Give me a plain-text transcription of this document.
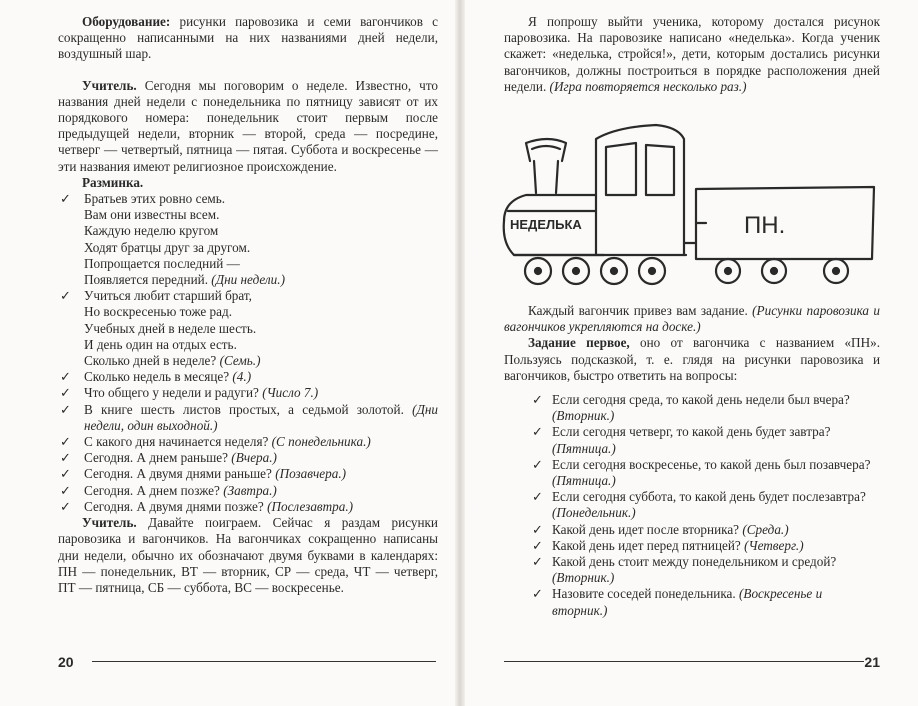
Оборудование: рисунки паровозика и семи вагончиков с сокращенно написанными на них названиями дней недели, воздушный шар.

Учитель. Сегодня мы поговорим о неделе. Известно, что названия дней недели с понедельника по пятницу зависят от их порядкового номера: понедельник стоит первым после предыдущей недели, вторник — второй, среда — посредине, четверг — четвертый, пятница — пятая. Суббота и воскресенье — эти названия имеют религиозное происхождение.

Разминка.

✓ Братьев этих ровно семь.
Вам они известны всем.
Каждую неделю кругом
Ходят братцы друг за другом.
Попрощается последний —
Появляется передний. (Дни недели.)
✓ Учиться любит старший брат,
Но воскресенью тоже рад.
Учебных дней в неделе шесть.
И день один на отдых есть.
Сколько дней в неделе? (Семь.)
✓ Сколько недель в месяце? (4.)
✓ Что общего у недели и радуги? (Число 7.)
✓ В книге шесть листов простых, а седьмой золотой. (Дни недели, один выходной.)
✓ С какого дня начинается неделя? (С понедельника.)
✓ Сегодня. А днем раньше? (Вчера.)
✓ Сегодня. А двумя днями раньше? (Позавчера.)
✓ Сегодня. А днем позже? (Завтра.)
✓ Сегодня. А двумя днями позже? (Послезавтра.)

Учитель. Давайте поиграем. Сейчас я раздам рисунки паровозика и вагончиков. На вагончиках сокращенно написаны дни недели, обычно их обозначают двумя буквами в календарях: ПН — понедельник, ВТ — вторник, СР — среда, ЧТ — четверг, ПТ — пятница, СБ — суббота, ВС — воскресенье.

Я попрошу выйти ученика, которому достался рисунок паровозика. На паровозике написано «неделька». Когда ученик скажет: «неделька, стройся!», дети, которым достались рисунки вагончиков, должны построиться в порядке расположения дней недели. (Игра повторяется несколько раз.)

НЕДЕЛЬКА	ПН.

Каждый вагончик привез вам задание. (Рисунки паровозика и вагончиков укрепляются на доске.)

Задание первое, оно от вагончика с названием «ПН». Пользуясь подсказкой, т. е. глядя на рисунки паровозика и вагончиков, быстро ответить на вопросы:

✓ Если сегодня среда, то какой день недели был вчера? (Вторник.)
✓ Если сегодня четверг, то какой день будет завтра? (Пятница.)
✓ Если сегодня воскресенье, то какой день был позавчера? (Пятница.)
✓ Если сегодня суббота, то какой день будет послезавтра? (Понедельник.)
✓ Какой день идет после вторника? (Среда.)
✓ Какой день идет перед пятницей? (Четверг.)
✓ Какой день стоит между понедельником и средой? (Вторник.)
✓ Назовите соседей понедельника. (Воскресенье и вторник.)
20	21
